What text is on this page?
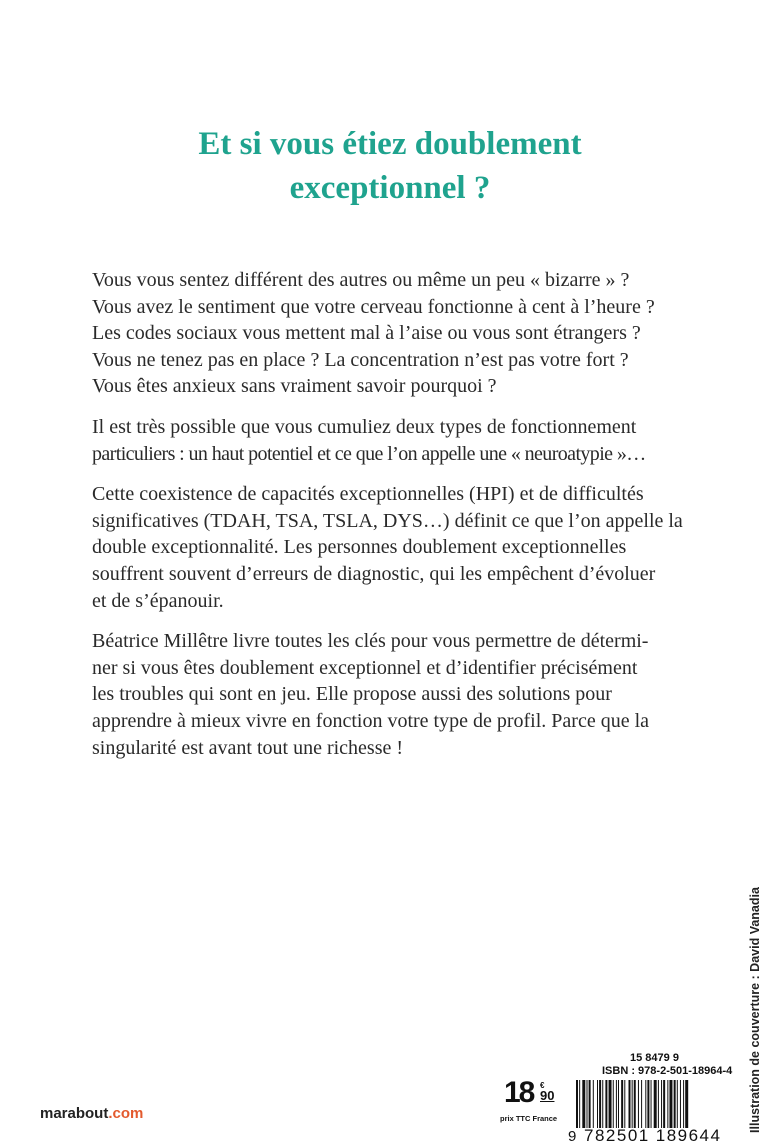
Et si vous étiez doublement
exceptionnel ?

Vous vous sentez différent des autres ou même un peu « bizarre » ?
Vous avez le sentiment que votre cerveau fonctionne à cent à l’heure ?
Les codes sociaux vous mettent mal à l’aise ou vous sont étrangers ?
Vous ne tenez pas en place ? La concentration n’est pas votre fort ?
Vous êtes anxieux sans vraiment savoir pourquoi ?

Il est très possible que vous cumuliez deux types de fonctionnement
particuliers : un haut potentiel et ce que l’on appelle une « neuroatypie »…

Cette coexistence de capacités exceptionnelles (HPI) et de difficultés
significatives (TDAH, TSA, TSLA, DYS…) définit ce que l’on appelle la
double exceptionnalité. Les personnes doublement exceptionnelles
souffrent souvent d’erreurs de diagnostic, qui les empêchent d’évoluer
et de s’épanouir.

Béatrice Millêtre livre toutes les clés pour vous permettre de détermi-
ner si vous êtes doublement exceptionnel et d’identifier précisément
les troubles qui sont en jeu. Elle propose aussi des solutions pour
apprendre à mieux vivre en fonction votre type de profil. Parce que la
singularité est avant tout une richesse !

Illustration de couverture : David Vanadia
18 €
90
prix TTC France
15 8479 9
ISBN : 978-2-501-18964-4
9 782501 189644
marabout.com
